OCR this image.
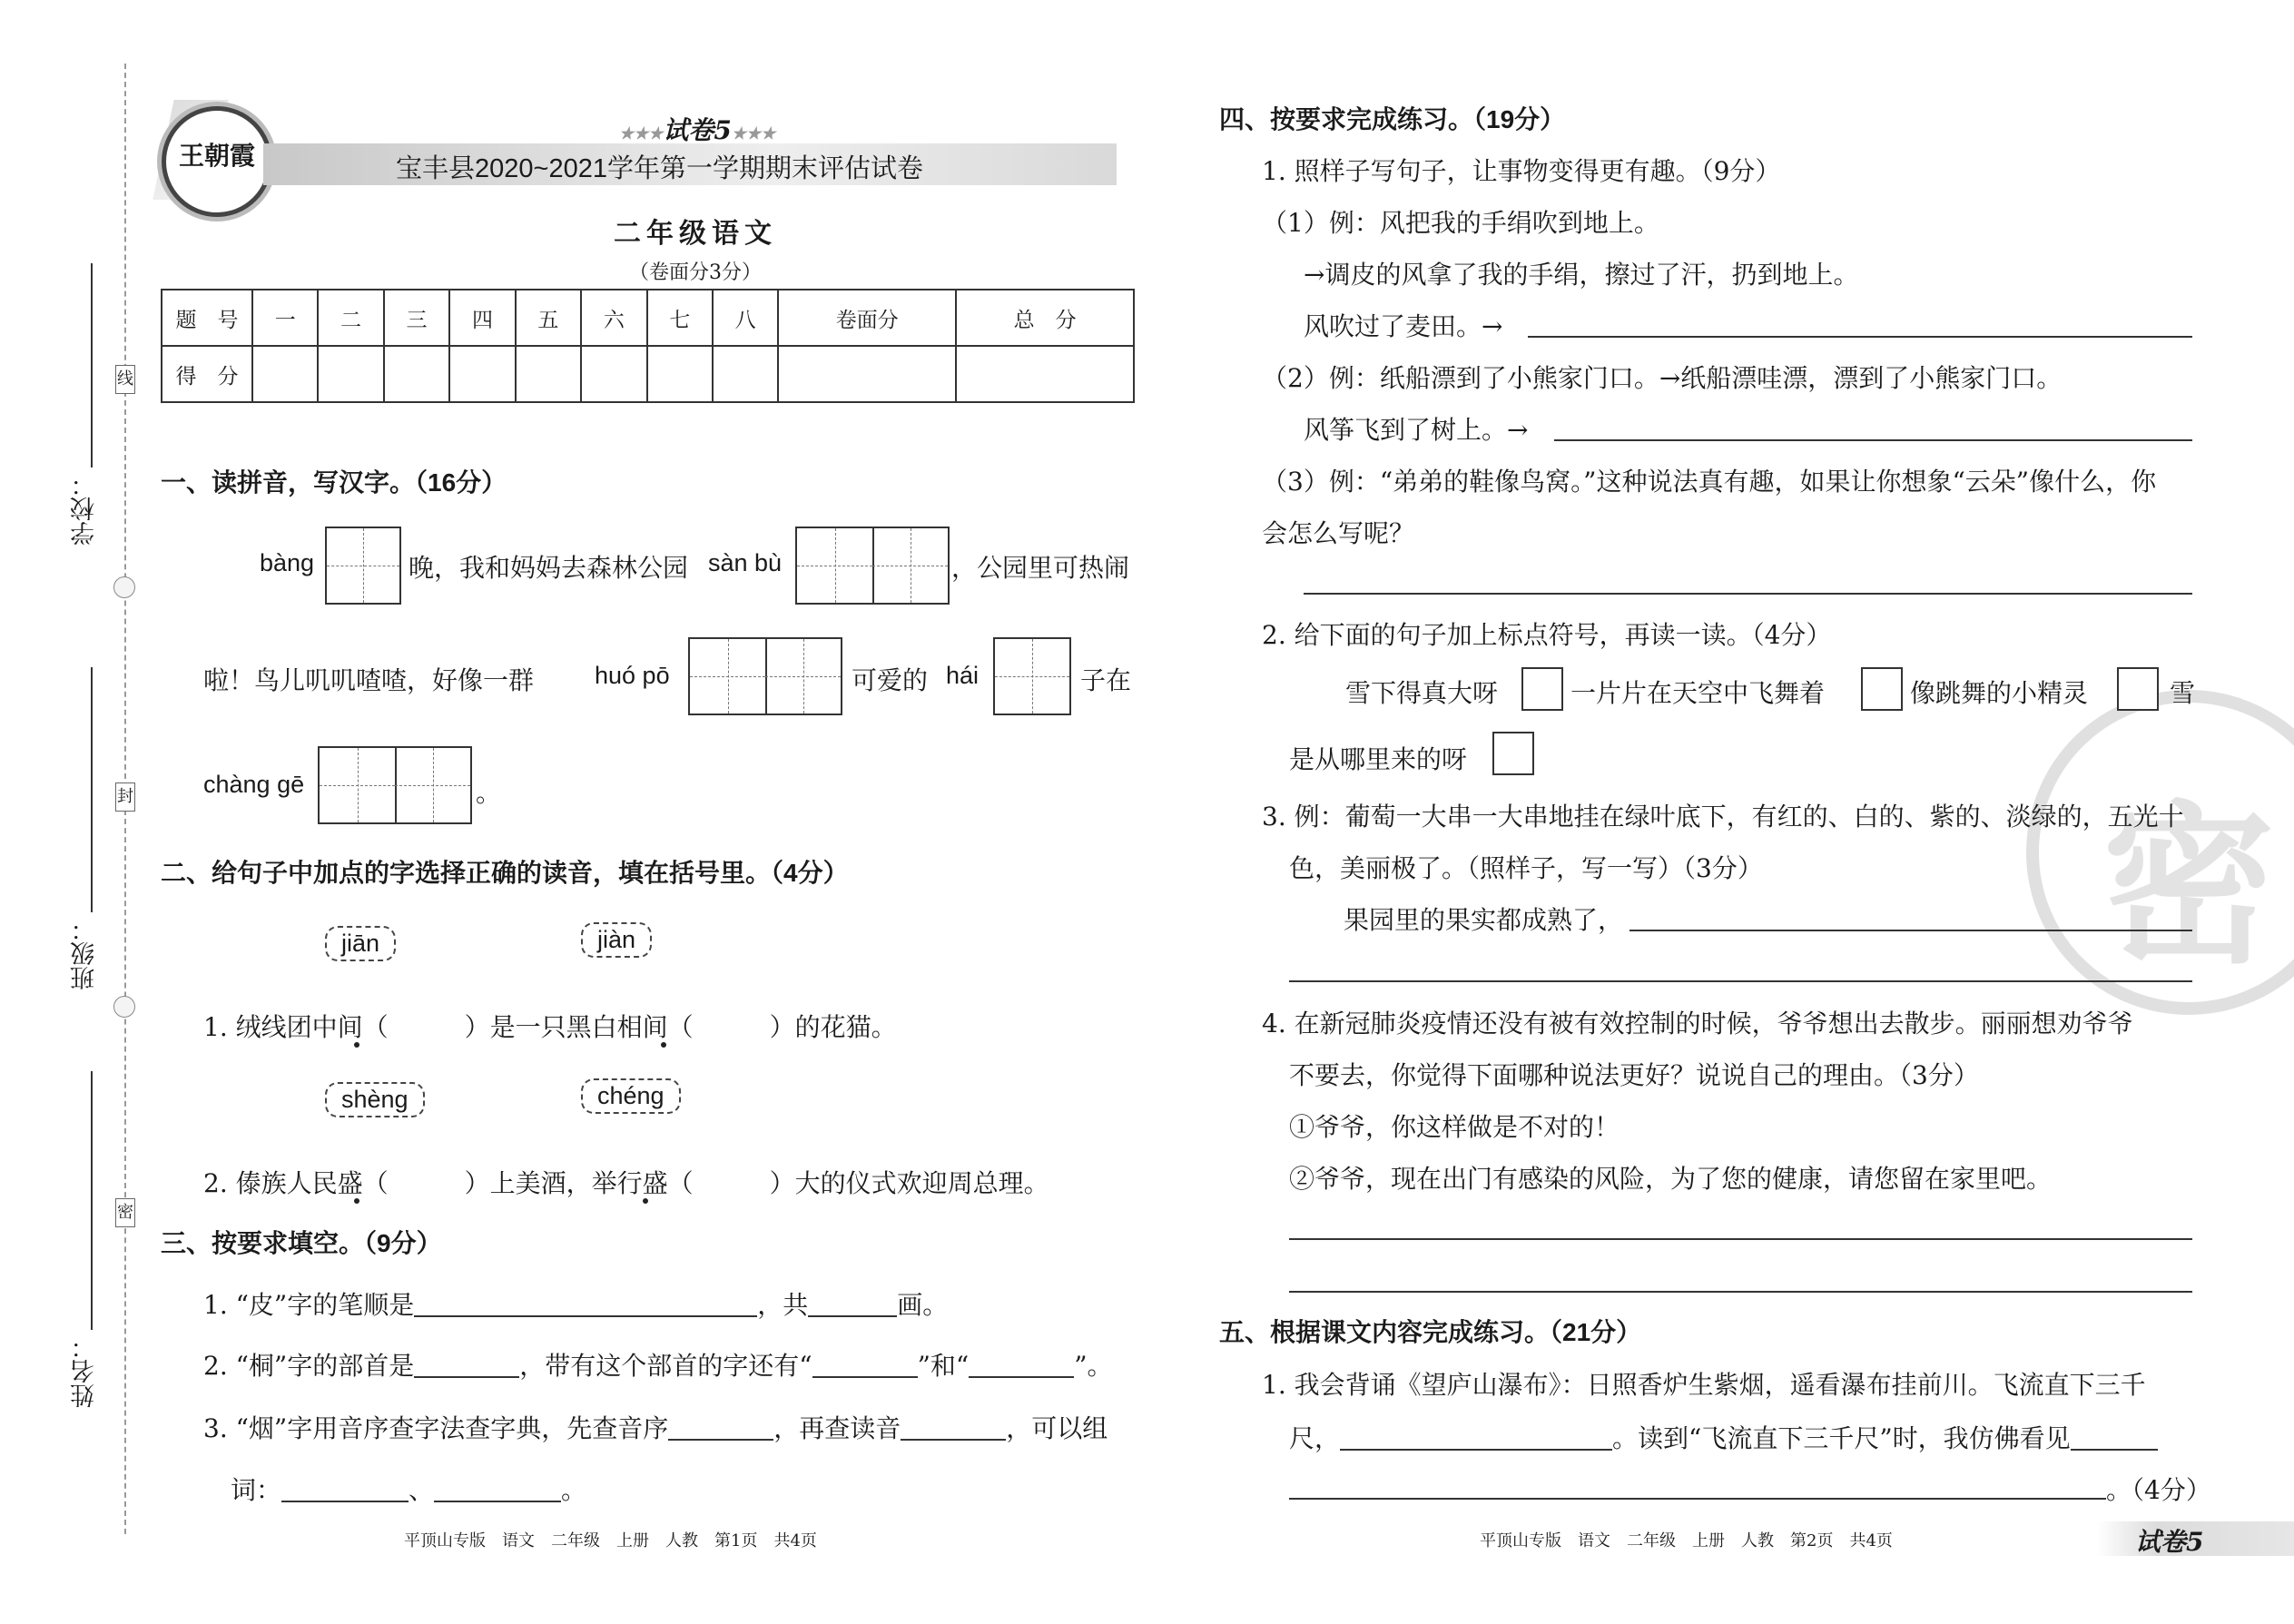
学校：
线
班级：
封
姓名：
密
王朝霞
★★★试卷5★★★
宝丰县2020~2021学年第一学期期末评估试卷
二年级语文
（卷面分3分）
题　号	一	二	三	四	五	六	七	八	卷面分	总　分
得　分										
一、读拼音，写汉字。（16分）
bàng	晚，我和妈妈去森林公园 sàn bù	，公园里可热闹
啦！鸟儿叽叽喳喳，好像一群 huó pō	可爱的 hái	子在
chàng gē	。
二、给句子中加点的字选择正确的读音，填在括号里。（4分）
jiān	jiàn
1. 绒线团中间（　　　）是一只黑白相间（　　　）的花猫。
shèng	chéng
2. 傣族人民盛（　　　）上美酒，举行盛（　　　）大的仪式欢迎周总理。
三、按要求填空。（9分）
1. “皮”字的笔顺是	，共	画。
2. “桐”字的部首是	，带有这个部首的字还有“	”和“	”。
3. “烟”字用音序查字法查字典，先查音序	，再查读音	，可以组
词：	、	。
平顶山专版　语文　二年级　上册　人教　第1页　共4页
密
四、按要求完成练习。（19分）
1. 照样子写句子，让事物变得更有趣。（9分）
（1）例：风把我的手绢吹到地上。
→调皮的风拿了我的手绢，擦过了汗，扔到地上。
风吹过了麦田。→
（2）例：纸船漂到了小熊家门口。→纸船漂哇漂，漂到了小熊家门口。
风筝飞到了树上。→
（3）例：“弟弟的鞋像鸟窝。”这种说法真有趣，如果让你想象“云朵”像什么，你
会怎么写呢？
2. 给下面的句子加上标点符号，再读一读。（4分）
雪下得真大呀	一片片在天空中飞舞着	像跳舞的小精灵	雪
是从哪里来的呀
3. 例：葡萄一大串一大串地挂在绿叶底下，有红的、白的、紫的、淡绿的，五光十
色，美丽极了。（照样子，写一写）（3分）
果园里的果实都成熟了，
4. 在新冠肺炎疫情还没有被有效控制的时候，爷爷想出去散步。丽丽想劝爷爷
不要去，你觉得下面哪种说法更好？说说自己的理由。（3分）
①爷爷，你这样做是不对的！
②爷爷，现在出门有感染的风险，为了您的健康，请您留在家里吧。
五、根据课文内容完成练习。（21分）
1. 我会背诵《望庐山瀑布》：日照香炉生紫烟，遥看瀑布挂前川。飞流直下三千
尺，	。读到“飞流直下三千尺”时，我仿佛看见
。（4分）
平顶山专版　语文　二年级　上册　人教　第2页　共4页	试卷5
